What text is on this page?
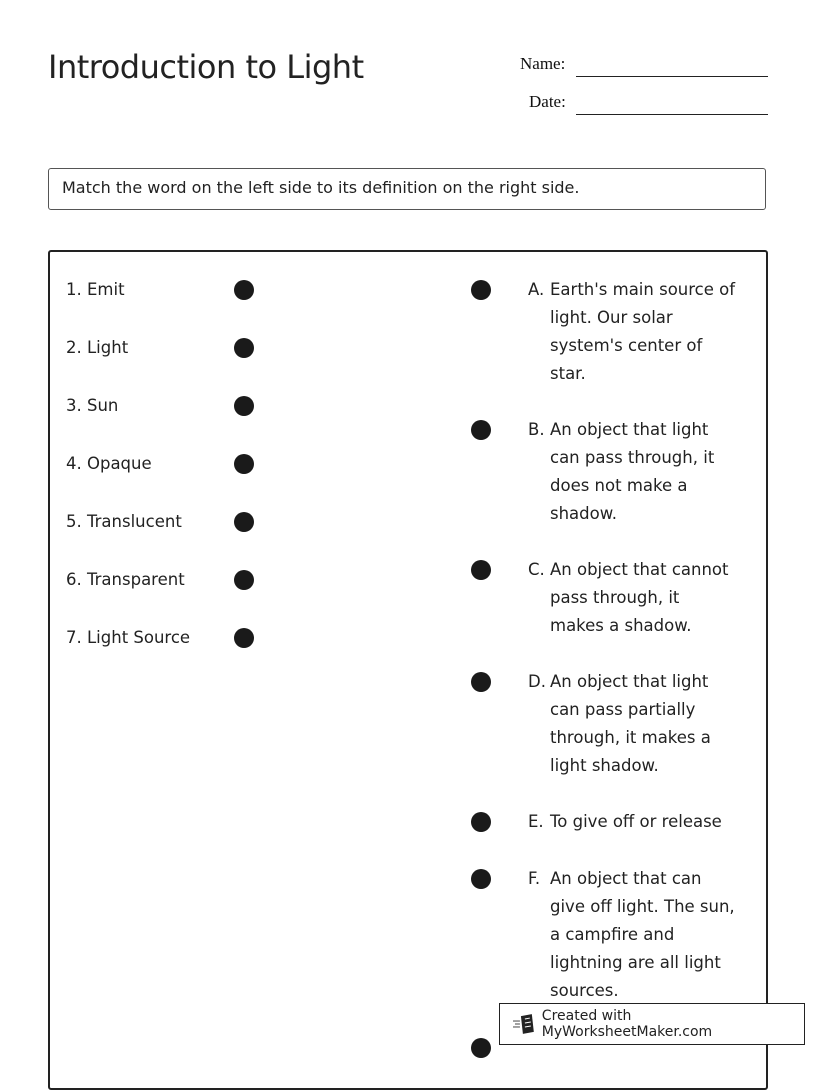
Introduction to Light	Name:
Date:
Match the word on the left side to its definition on the right side.
1. Emit
2. Light
3. Sun
4. Opaque
5. Translucent
6. Transparent
7. Light Source
A. Earth's main source of
light. Our solar
system's center of
star.
B. An object that light
can pass through, it
does not make a
shadow.
C. An object that cannot
pass through, it
makes a shadow.
D. An object that light
can pass partially
through, it makes a
light shadow.
E. To give off or release
F. An object that can
give off light. The sun,
a campfire and
lightning are all light
sources.
Created with MyWorksheetMaker.com
